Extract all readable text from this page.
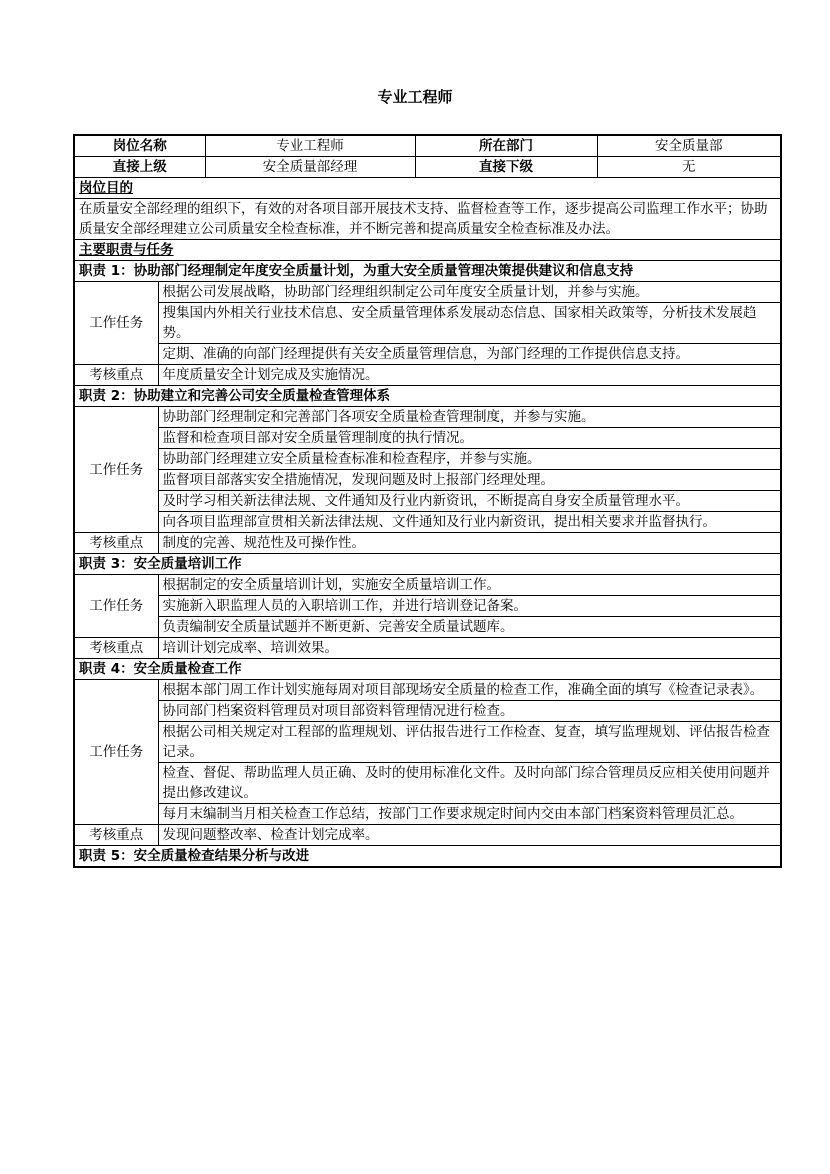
专业工程师
岗位名称		专业工程师	所在部门	安全质量部
直接上级		安全质量部经理	直接下级	无
岗位目的				
在质量安全部经理的组织下，有效的对各项目部开展技术支持、监督检查等工作，逐步提高公司监理工作水平；协助质量安全部经理建立公司质量安全检查标准，并不断完善和提高质量安全检查标准及办法。				
主要职责与任务				
职责 1：协助部门经理制定年度安全质量计划，为重大安全质量管理决策提供建议和信息支持				
工作任务	根据公司发展战略，协助部门经理组织制定公司年度安全质量计划，并参与实施。			
	搜集国内外相关行业技术信息、安全质量管理体系发展动态信息、国家相关政策等，分析技术发展趋势。			
	定期、准确的向部门经理提供有关安全质量管理信息，为部门经理的工作提供信息支持。			
考核重点	年度质量安全计划完成及实施情况。			
职责 2：协助建立和完善公司安全质量检查管理体系				
工作任务	协助部门经理制定和完善部门各项安全质量检查管理制度，并参与实施。			
	监督和检查项目部对安全质量管理制度的执行情况。			
	协助部门经理建立安全质量检查标准和检查程序，并参与实施。			
	监督项目部落实安全措施情况，发现问题及时上报部门经理处理。			
	及时学习相关新法律法规、文件通知及行业内新资讯，不断提高自身安全质量管理水平。			
	向各项目监理部宣贯相关新法律法规、文件通知及行业内新资讯，提出相关要求并监督执行。			
考核重点	制度的完善、规范性及可操作性。			
职责 3：安全质量培训工作				
工作任务	根据制定的安全质量培训计划，实施安全质量培训工作。			
	实施新入职监理人员的入职培训工作，并进行培训登记备案。			
	负责编制安全质量试题并不断更新、完善安全质量试题库。			
考核重点	培训计划完成率、培训效果。			
职责 4：安全质量检查工作				
工作任务	根据本部门周工作计划实施每周对项目部现场安全质量的检查工作，准确全面的填写《检查记录表》。			
	协同部门档案资料管理员对项目部资料管理情况进行检查。			
	根据公司相关规定对工程部的监理规划、评估报告进行工作检查、复查，填写监理规划、评估报告检查记录。			
	检查、督促、帮助监理人员正确、及时的使用标准化文件。及时向部门综合管理员反应相关使用问题并提出修改建议。			
	每月末编制当月相关检查工作总结，按部门工作要求规定时间内交由本部门档案资料管理员汇总。			
考核重点	发现问题整改率、检查计划完成率。			
职责 5：安全质量检查结果分析与改进				
